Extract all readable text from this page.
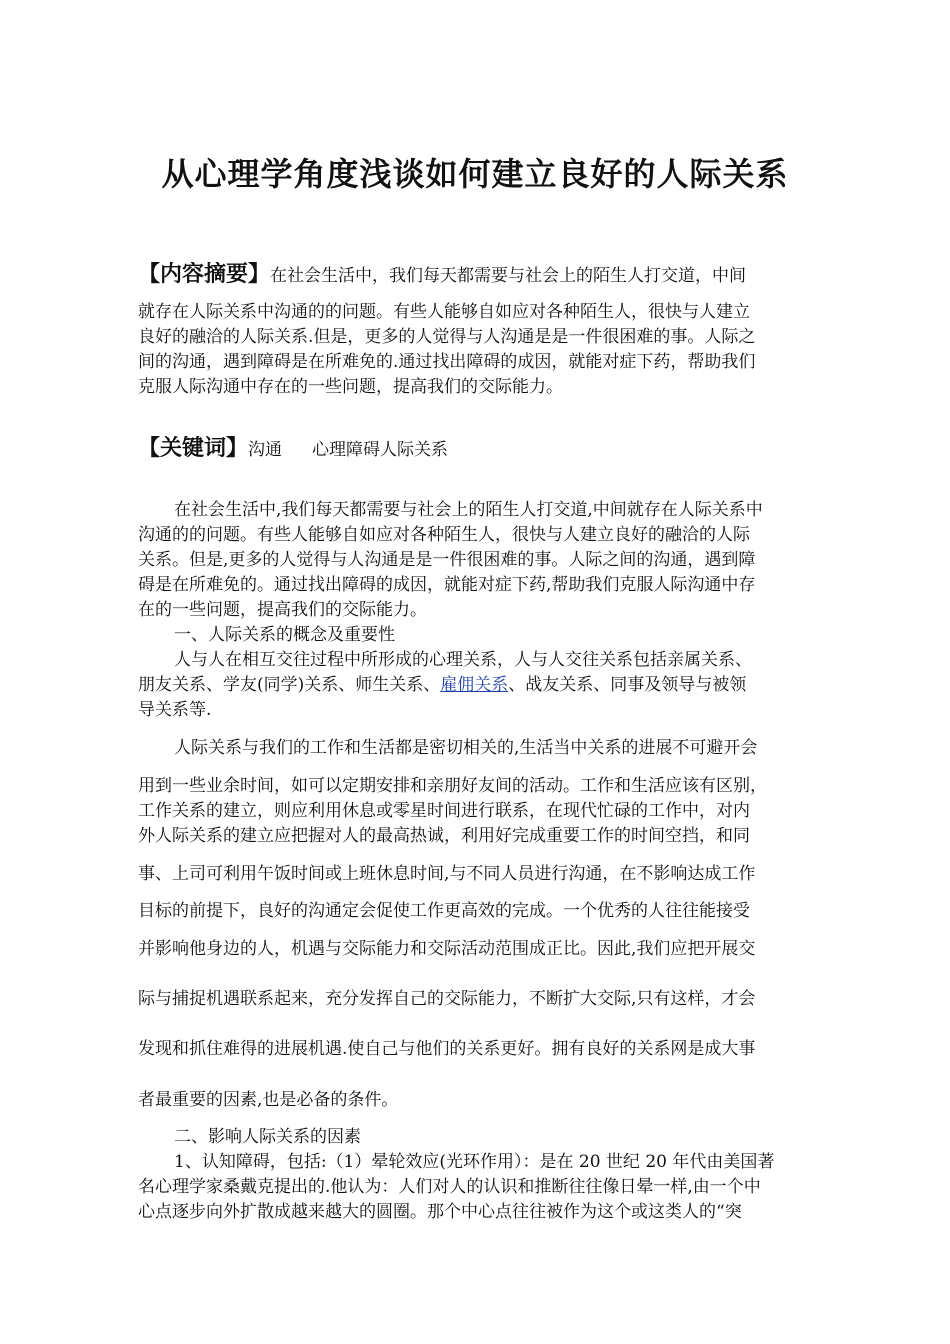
从心理学角度浅谈如何建立良好的人际关系
【内容摘要】在社会生活中，我们每天都需要与社会上的陌生人打交道，中间
就存在人际关系中沟通的的问题。有些人能够自如应对各种陌生人，很快与人建立
良好的融洽的人际关系.但是，更多的人觉得与人沟通是是一件很困难的事。人际之
间的沟通，遇到障碍是在所难免的.通过找出障碍的成因，就能对症下药，帮助我们
克服人际沟通中存在的一些问题，提高我们的交际能力。
【关键词】沟通 心理障碍人际关系
在社会生活中,我们每天都需要与社会上的陌生人打交道,中间就存在人际关系中
沟通的的问题。有些人能够自如应对各种陌生人，很快与人建立良好的融洽的人际
关系。但是,更多的人觉得与人沟通是是一件很困难的事。人际之间的沟通，遇到障
碍是在所难免的。通过找出障碍的成因，就能对症下药,帮助我们克服人际沟通中存
在的一些问题，提高我们的交际能力。
一、人际关系的概念及重要性
人与人在相互交往过程中所形成的心理关系，人与人交往关系包括亲属关系、
朋友关系、学友(同学)关系、师生关系、雇佣关系、战友关系、同事及领导与被领
导关系等.
人际关系与我们的工作和生活都是密切相关的,生活当中关系的进展不可避开会
用到一些业余时间，如可以定期安排和亲朋好友间的活动。工作和生活应该有区别，
工作关系的建立，则应利用休息或零星时间进行联系，在现代忙碌的工作中，对内
外人际关系的建立应把握对人的最高热诚，利用好完成重要工作的时间空挡，和同
事、上司可利用午饭时间或上班休息时间,与不同人员进行沟通，在不影响达成工作
目标的前提下，良好的沟通定会促使工作更高效的完成。一个优秀的人往往能接受
并影响他身边的人，机遇与交际能力和交际活动范围成正比。因此,我们应把开展交
际与捕捉机遇联系起来，充分发挥自己的交际能力，不断扩大交际,只有这样，才会
发现和抓住难得的进展机遇.使自己与他们的关系更好。拥有良好的关系网是成大事
者最重要的因素,也是必备的条件。
二、影响人际关系的因素
1、认知障碍，包括:（1）晕轮效应(光环作用）：是在 20 世纪 20 年代由美国著
名心理学家桑戴克提出的.他认为：人们对人的认识和推断往往像日晕一样,由一个中
心点逐步向外扩散成越来越大的圆圈。那个中心点往往被作为这个或这类人的“突
